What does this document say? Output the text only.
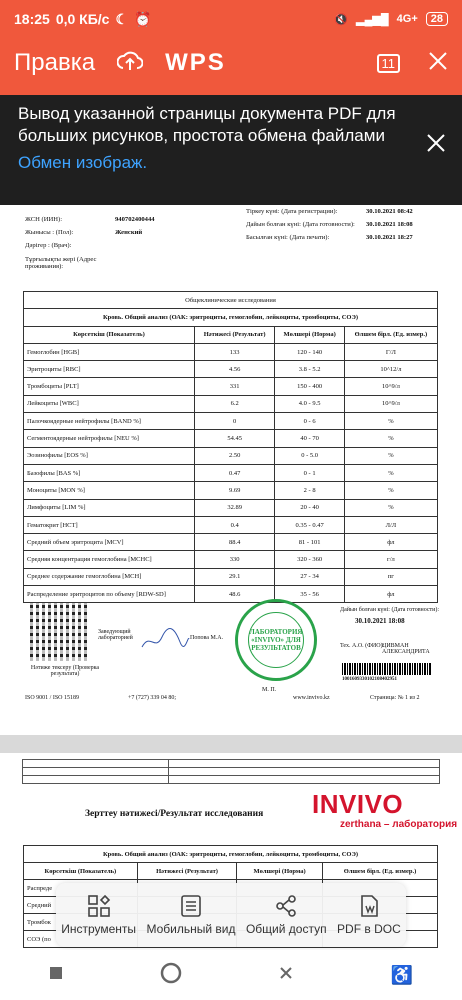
18:25 0,0 КБ/с ☾ ⏰	🔇 ▂▄▆█ 4G+	28
Правка	WPS	11
Вывод указанной страницы документа PDF для больших рисунков, простота обмена файлами
Обмен изображ.
ЖСН (ИИН):	940702400444
Жынысы : (Пол):	Женский
Дәрігер : (Врач):
Тұрғылықты жері (Адрес проживания):
Тіркеу күні: (Дата регистрации):	30.10.2021 08:42
Дайын болған күні: (Дата готовности):	30.10.2021 18:08
Басылған күні: (Дата печати):	30.10.2021 18:27
Общеклинические исследования			
Кровь. Общий анализ (ОАК: эритроциты, гемоглобин, лейкоциты, тромбоциты, СОЭ)			
Көрсеткіш (Показатель)	Нәтижесі (Результат)	Мөлшері (Норма)	Өлшем бірл. (Ед. измер.)
Гемоглобин [HGB]	133	120 - 140	Г/Л
Эритроциты [RBC]	4.56	3.8 - 5.2	10^12/л
Тромбоциты [PLT]	331	150 - 400	10^9/л
Лейкоциты [WBC]	6.2	4.0 - 9.5	10^9/л
Палочкоядерные нейтрофилы [BAND %]	0	0 - 6	%
Сегментоядерные нейтрофилы [NEU %]	54.45	40 - 70	%
Эозинофилы [EOS %]	2.50	0 - 5.0	%
Базофилы [BAS %]	0.47	0 - 1	%
Моноциты [MON %]	9.69	2 - 8	%
Лимфоциты [LIM %]	32.89	20 - 40	%
Гематокрит [HCT]	0.4	0.35 - 0.47	Л/Л
Средний объем эритроцита [MCV]	88.4	81 - 101	фл
Средняя концентрация гемоглобина [MCHC]	330	320 - 360	г/л
Среднее содержание гемоглобина [MCH]	29.1	27 - 34	пг
Распределение эритроцитов по объему [RDW-SD]	48.6	35 - 56	фл
Заведующий лабораторией	Попова М.А.
Нәтиже тексеру (Проверка результата)
ЛАБОРАТОРИЯ «INVIVO» ДЛЯ РЕЗУЛЬТАТОВ
М. П.
Дайын болған күні: (Дата готовности):
30.10.2021 18:08
Тех. А.О. (ФИО):
ЦИВМАН АЛЕКСАНДРИТА
1001609330102108402951
ISO 9001 / ISO 15189	+7 (727) 339 04 80;	www.invivo.kz	Страница: № 1 из 2

Зерттеу нәтижесі/Результат исследования INVIVO
zerthana – лаборатория
Кровь. Общий анализ (ОАК: эритроциты, гемоглобин, лейкоциты, тромбоциты, СОЭ)			
Көрсеткіш (Показатель)	Нәтижесі (Результат)	Мөлшері (Норма)	Өлшем бірл. (Ед. измер.)
Распреде			
Средний			
Тромбок			
СОЭ (по			
Инструменты Мобильный вид Общий доступ PDF в DOC
♿
